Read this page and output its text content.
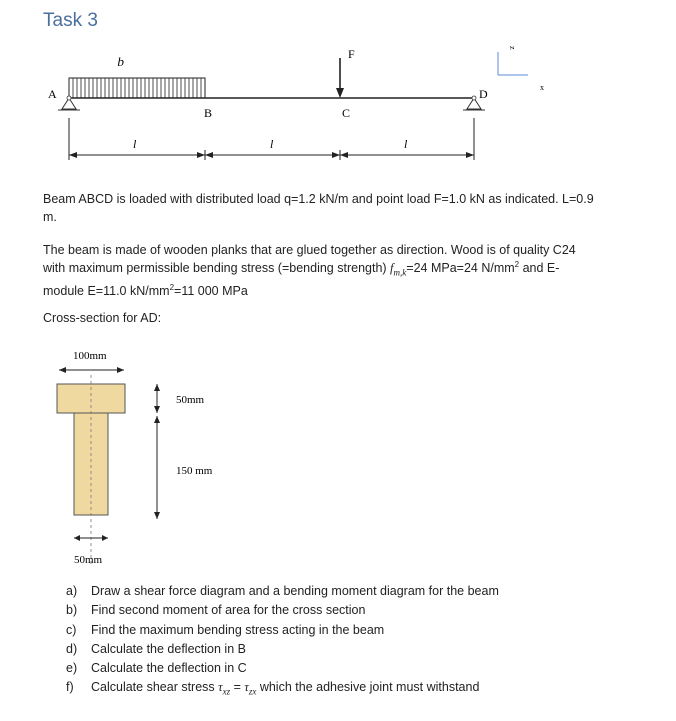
Task 3
q
A	D
F
B	C
z
x
l	l	l
Beam ABCD is loaded with distributed load q=1.2 kN/m and point load F=1.0 kN as indicated. L=0.9
m.
The beam is made of wooden planks that are glued together as direction. Wood is of quality C24
with maximum permissible bending stress (=bending strength) $f_{m,k}=24$ MPa=24 $N/mm^2$ and E-
module E=11.0 $kN/mm^2=11$ 000 MPa
Cross-section for AD:
100mm
50mm
150 mm
50mm
a) Draw a shear force diagram and a bending moment diagram for the beam
b) Find second moment of area for the cross section
c) Find the maximum bending stress acting in the beam
d) Calculate the deflection in B
e) Calculate the deflection in C
f) Calculate shear stress $\tau_{xz} = \tau_{zx}$ which the adhesive joint must withstand
